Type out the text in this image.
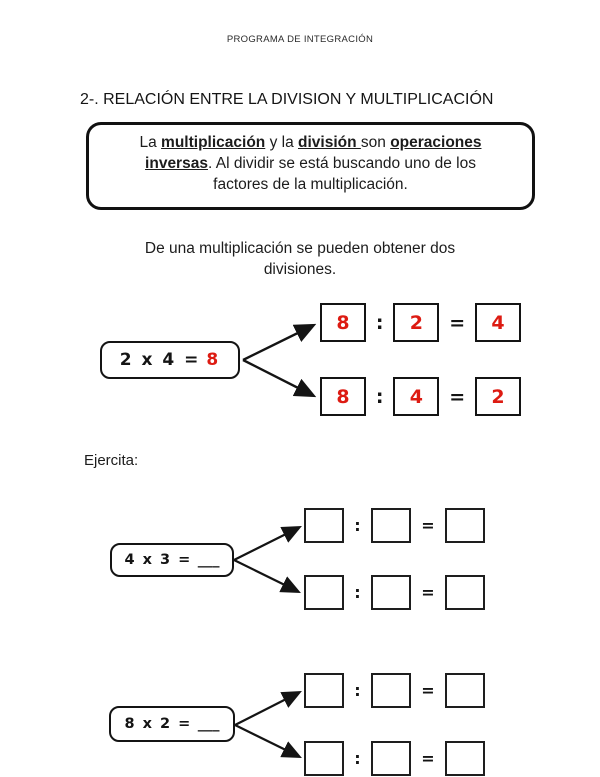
PROGRAMA DE INTEGRACIÓN
2-. RELACIÓN ENTRE LA DIVISION Y MULTIPLICACIÓN
La multiplicación y la división son operaciones
inversas. Al dividir se está buscando uno de los
factores de la multiplicación.
De una multiplicación se pueden obtener dos
divisiones.
2 x 4 = 8
8	:	2	=	4
8	:	4	=	2
Ejercita:
4 x 3 = ___
:	=
:	=
8 x 2 = ___
:	=
:	=
